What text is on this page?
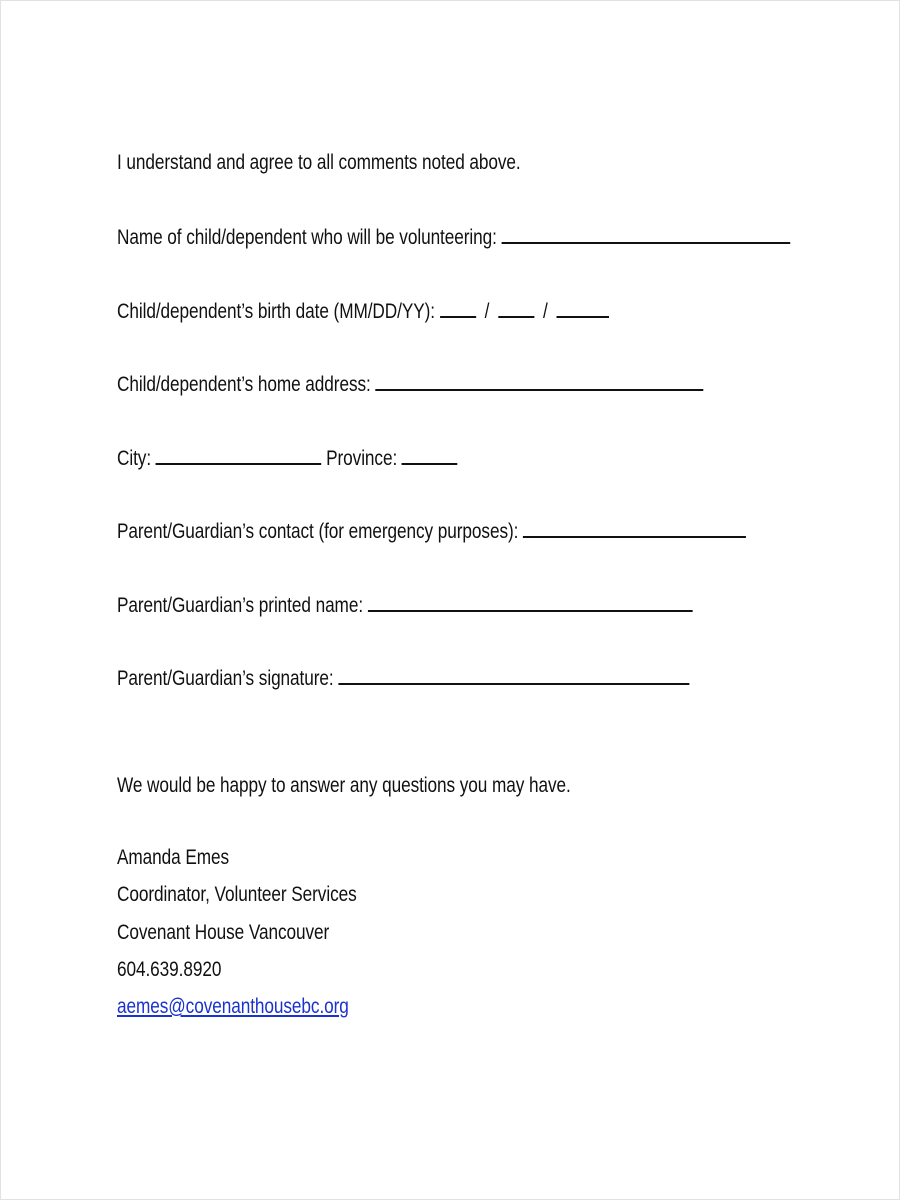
I understand and agree to all comments noted above.
Name of child/dependent who will be volunteering:
Child/dependent’s birth date (MM/DD/YY): /	/
Child/dependent’s home address:
City:	Province:
Parent/Guardian’s contact (for emergency purposes):
Parent/Guardian’s printed name:
Parent/Guardian’s signature:
We would be happy to answer any questions you may have.
Amanda Emes
Coordinator, Volunteer Services
Covenant House Vancouver
604.639.8920
aemes@covenanthousebc.org
